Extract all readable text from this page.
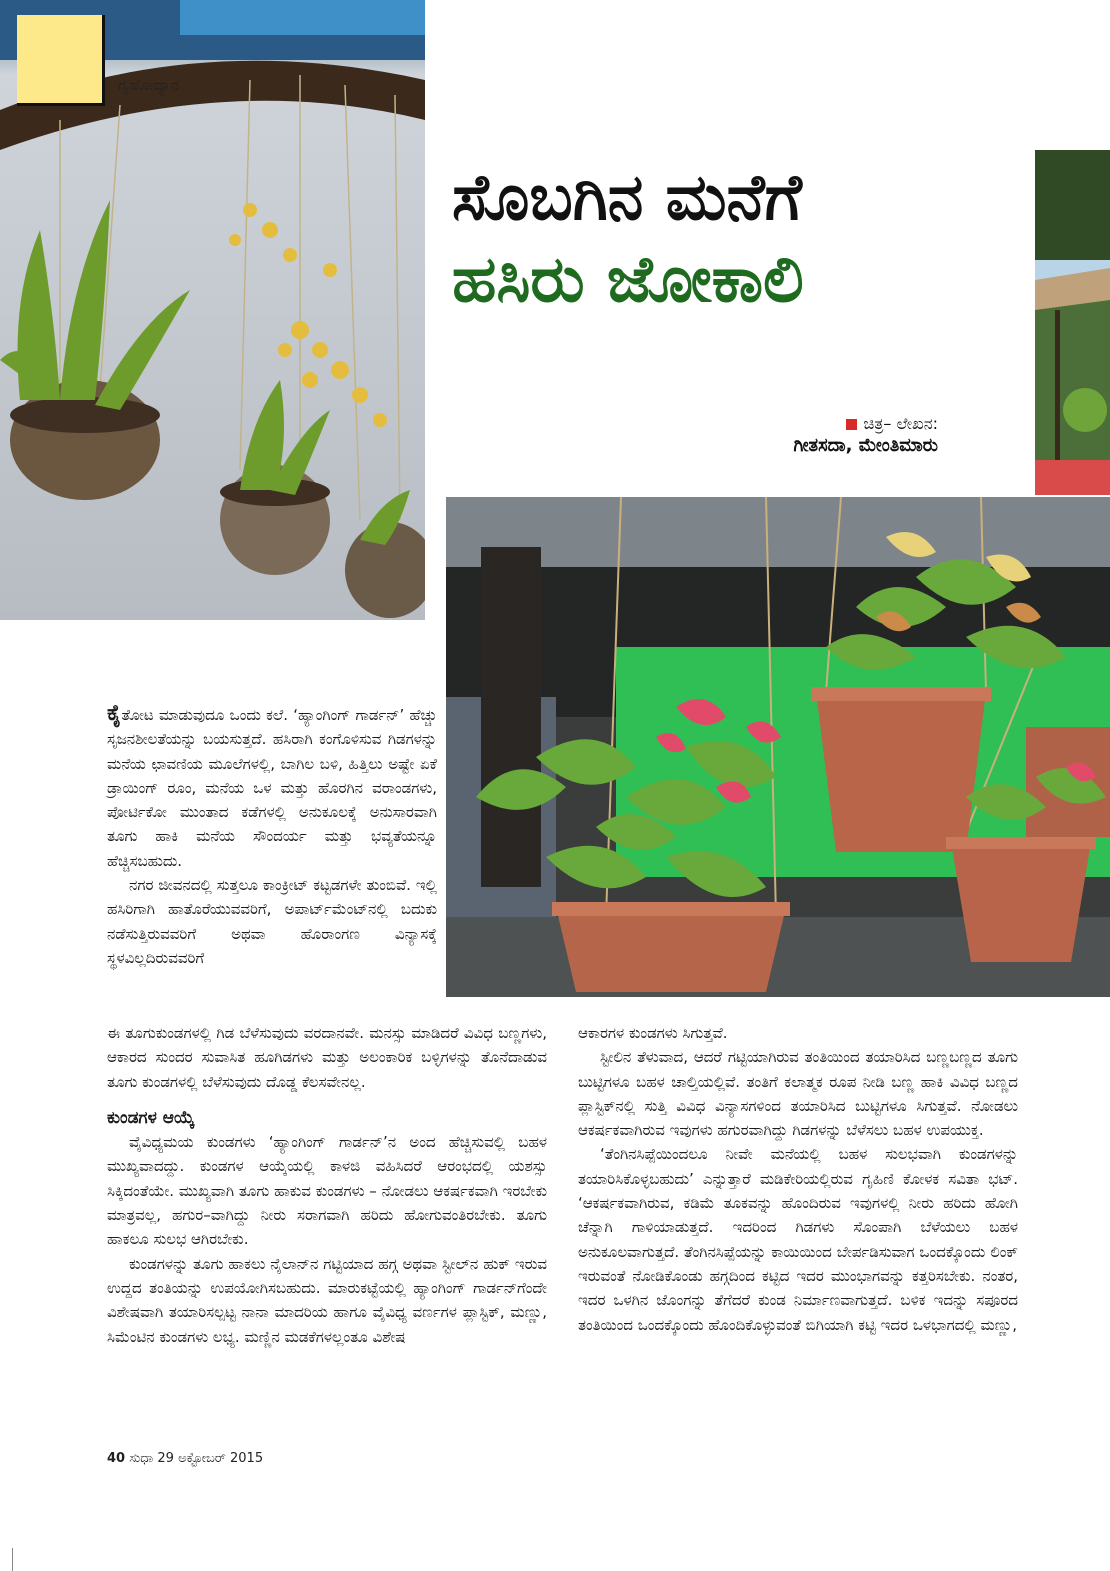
ಗೃಹೋದ್ಯಾನ
ಸೊಬಗಿನ ಮನೆಗೆ
ಹಸಿರು ಜೋಕಾಲಿ
ಚಿತ್ರ– ಲೇಖನ:
ಗೀತಸದಾ, ಮೇಂತಿಮಾರು

ಕೈತೋಟ ಮಾಡುವುದೂ ಒಂದು ಕಲೆ. ‘ಹ್ಯಾಂಗಿಂಗ್ ಗಾರ್ಡನ್’ ಹೆಚ್ಚು ಸೃಜನಶೀಲತೆಯನ್ನು ಬಯಸುತ್ತದೆ. ಹಸಿರಾಗಿ ಕಂಗೊಳಿಸುವ ಗಿಡಗಳನ್ನು ಮನೆಯ ಛಾವಣಿಯ ಮೂಲೆಗಳಲ್ಲಿ, ಬಾಗಿಲ ಬಳಿ, ಹಿತ್ತಿಲು ಅಷ್ಟೇ ಏಕೆ ಡ್ರಾಯಿಂಗ್ ರೂಂ, ಮನೆಯ ಒಳ ಮತ್ತು ಹೊರಗಿನ ವರಾಂಡಗಳು, ಪೋರ್ಟಿಕೋ ಮುಂತಾದ ಕಡೆಗಳಲ್ಲಿ ಅನುಕೂಲಕ್ಕೆ ಅನುಸಾರವಾಗಿ ತೂಗು ಹಾಕಿ ಮನೆಯ ಸೌಂದರ್ಯ ಮತ್ತು ಭವ್ಯತೆಯನ್ನೂ ಹೆಚ್ಚಿಸಬಹುದು.

ನಗರ ಜೀವನದಲ್ಲಿ ಸುತ್ತಲೂ ಕಾಂಕ್ರೀಟ್ ಕಟ್ಟಡಗಳೇ ತುಂಬಿವೆ. ಇಲ್ಲಿ ಹಸಿರಿಗಾಗಿ ಹಾತೊರೆಯುವವರಿಗೆ, ಅಪಾರ್ಟ್‌ಮೆಂಟ್‌ನಲ್ಲಿ ಬದುಕು ನಡೆಸುತ್ತಿರುವವರಿಗೆ ಅಥವಾ ಹೊರಾಂಗಣ ವಿನ್ಯಾಸಕ್ಕೆ ಸ್ಥಳವಿಲ್ಲದಿರುವವರಿಗೆ

ಈ ತೂಗುಕುಂಡಗಳಲ್ಲಿ ಗಿಡ ಬೆಳೆಸುವುದು ವರದಾನವೇ. ಮನಸ್ಸು ಮಾಡಿದರೆ ವಿವಿಧ ಬಣ್ಣಗಳು, ಆಕಾರದ ಸುಂದರ ಸುವಾಸಿತ ಹೂಗಿಡಗಳು ಮತ್ತು ಅಲಂಕಾರಿಕ ಬಳ್ಳಿಗಳನ್ನು ತೊನೆದಾಡುವ ತೂಗು ಕುಂಡಗಳಲ್ಲಿ ಬೆಳೆಸುವುದು ದೊಡ್ಡ ಕೆಲಸವೇನಲ್ಲ.

ಕುಂಡಗಳ ಆಯ್ಕೆ

ವೈವಿಧ್ಯಮಯ ಕುಂಡಗಳು ‘ಹ್ಯಾಂಗಿಂಗ್ ಗಾರ್ಡನ್’ನ ಅಂದ ಹೆಚ್ಚಿಸುವಲ್ಲಿ ಬಹಳ ಮುಖ್ಯವಾದದ್ದು. ಕುಂಡಗಳ ಆಯ್ಕೆಯಲ್ಲಿ ಕಾಳಜಿ ವಹಿಸಿದರೆ ಆರಂಭದಲ್ಲಿ ಯಶಸ್ಸು ಸಿಕ್ಕಿದಂತೆಯೇ. ಮುಖ್ಯವಾಗಿ ತೂಗು ಹಾಕುವ ಕುಂಡಗಳು – ನೋಡಲು ಆಕರ್ಷಕವಾಗಿ ಇರಬೇಕು ಮಾತ್ರವಲ್ಲ, ಹಗುರ–ವಾಗಿದ್ದು ನೀರು ಸರಾಗವಾಗಿ ಹರಿದು ಹೋಗುವಂತಿರಬೇಕು. ತೂಗು ಹಾಕಲೂ ಸುಲಭ ಆಗಿರಬೇಕು.

ಕುಂಡಗಳನ್ನು ತೂಗು ಹಾಕಲು ನೈಲಾನ್‌ನ ಗಟ್ಟಿಯಾದ ಹಗ್ಗ ಅಥವಾ ಸ್ಟೀಲ್‌ನ ಹುಕ್ ಇರುವ ಉದ್ದದ ತಂತಿಯನ್ನು ಉಪಯೋಗಿಸಬಹುದು. ಮಾರುಕಟ್ಟೆಯಲ್ಲಿ ಹ್ಯಾಂಗಿಂಗ್ ಗಾರ್ಡನ್‌ಗೆಂದೇ ವಿಶೇಷವಾಗಿ ತಯಾರಿಸಲ್ಪಟ್ಟ ನಾನಾ ಮಾದರಿಯ ಹಾಗೂ ವೈವಿಧ್ಯ ವರ್ಣಗಳ ಪ್ಲಾಸ್ಟಿಕ್, ಮಣ್ಣು, ಸಿಮೆಂಟಿನ ಕುಂಡಗಳು ಲಭ್ಯ. ಮಣ್ಣಿನ ಮಡಕೆಗಳಲ್ಲಂತೂ ವಿಶೇಷ

ಆಕಾರಗಳ ಕುಂಡಗಳು ಸಿಗುತ್ತವೆ.

ಸ್ಟೀಲಿನ ತೆಳುವಾದ, ಆದರೆ ಗಟ್ಟಿಯಾಗಿರುವ ತಂತಿಯಿಂದ ತಯಾರಿಸಿದ ಬಣ್ಣಬಣ್ಣದ ತೂಗು ಬುಟ್ಟಿಗಳೂ ಬಹಳ ಚಾಲ್ತಿಯಲ್ಲಿವೆ. ತಂತಿಗೆ ಕಲಾತ್ಮಕ ರೂಪ ನೀಡಿ ಬಣ್ಣ ಹಾಕಿ ವಿವಿಧ ಬಣ್ಣದ ಪ್ಲಾಸ್ಟಿಕ್‌ನಲ್ಲಿ ಸುತ್ತಿ ವಿವಿಧ ವಿನ್ಯಾಸಗಳಿಂದ ತಯಾರಿಸಿದ ಬುಟ್ಟಿಗಳೂ ಸಿಗುತ್ತವೆ. ನೋಡಲು ಆಕರ್ಷಕವಾಗಿರುವ ಇವುಗಳು ಹಗುರವಾಗಿದ್ದು ಗಿಡಗಳನ್ನು ಬೆಳೆಸಲು ಬಹಳ ಉಪಯುಕ್ತ.

‘ತೆಂಗಿನಸಿಪ್ಪೆಯಿಂದಲೂ ನೀವೇ ಮನೆಯಲ್ಲಿ ಬಹಳ ಸುಲಭವಾಗಿ ಕುಂಡಗಳನ್ನು ತಯಾರಿಸಿಕೊಳ್ಳಬಹುದು’ ಎನ್ನುತ್ತಾರೆ ಮಡಿಕೇರಿಯಲ್ಲಿರುವ ಗೃಹಿಣಿ ಕೋಳಕ ಸವಿತಾ ಭಟ್. ‘ಆಕರ್ಷಕವಾಗಿರುವ, ಕಡಿಮೆ ತೂಕವನ್ನು ಹೊಂದಿರುವ ಇವುಗಳಲ್ಲಿ ನೀರು ಹರಿದು ಹೋಗಿ ಚೆನ್ನಾಗಿ ಗಾಳಿಯಾಡುತ್ತದೆ. ಇದರಿಂದ ಗಿಡಗಳು ಸೊಂಪಾಗಿ ಬೆಳೆಯಲು ಬಹಳ ಅನುಕೂಲವಾಗುತ್ತದೆ. ತೆಂಗಿನಸಿಪ್ಪೆಯನ್ನು ಕಾಯಿಯಿಂದ ಬೇರ್ಪಡಿಸುವಾಗ ಒಂದಕ್ಕೊಂದು ಲಿಂಕ್ ಇರುವಂತೆ ನೋಡಿಕೊಂಡು ಹಗ್ಗದಿಂದ ಕಟ್ಟಿದ ಇದರ ಮುಂಭಾಗವನ್ನು ಕತ್ತರಿಸಬೇಕು. ನಂತರ, ಇದರ ಒಳಗಿನ ಜೊಂಗನ್ನು ತೆಗೆದರೆ ಕುಂಡ ನಿರ್ಮಾಣವಾಗುತ್ತದೆ. ಬಳಿಕ ಇದನ್ನು ಸಪೂರದ ತಂತಿಯಿಂದ ಒಂದಕ್ಕೊಂದು ಹೊಂದಿಕೊಳ್ಳುವಂತೆ ಬಿಗಿಯಾಗಿ ಕಟ್ಟಿ ಇದರ ಒಳಭಾಗದಲ್ಲಿ ಮಣ್ಣು,

40 ಸುಧಾ 29 ಅಕ್ಟೋಬರ್ 2015
